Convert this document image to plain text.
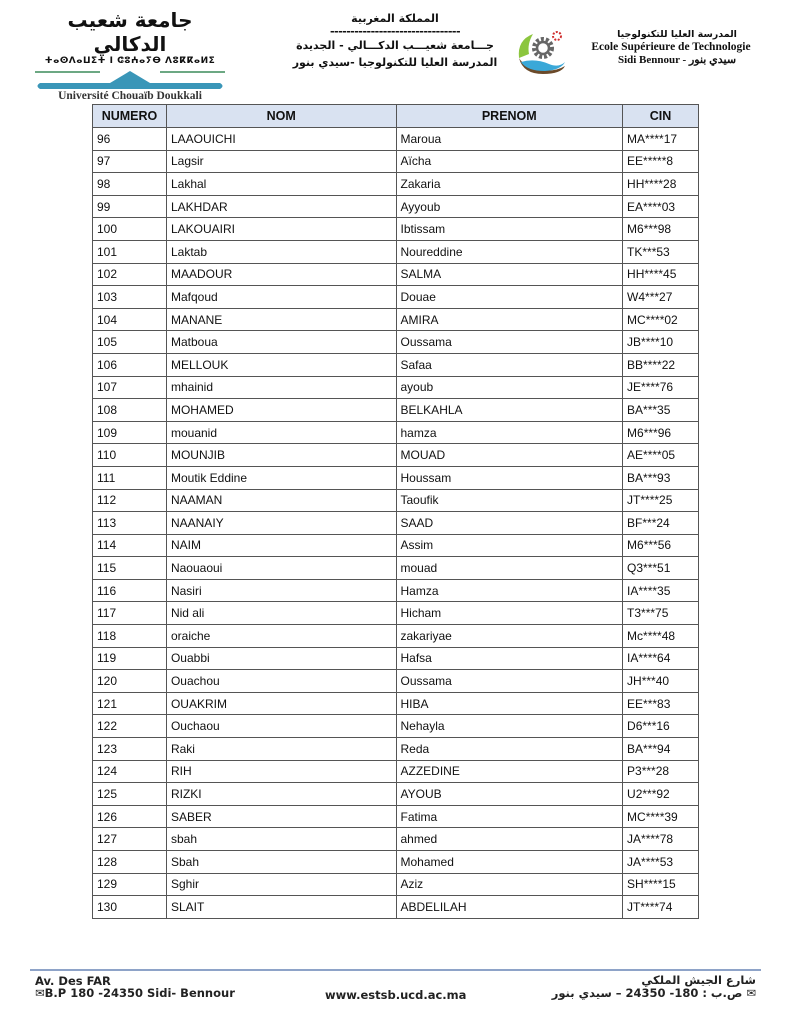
جامعة شعيب الدكالي
ⵜⴰⵙⴷⴰⵡⵉⵜ ⵏ ⵛⵓⵄⴰⵢⴱ ⴷⵓⴽⴽⴰⵍⵉ
Université Chouaïb Doukkali
المملكة المغربية
--------------------------------
جـــامعة شعيـــب الدكـــالي - الجديدة
المدرسة العليا للتكنولوجيا -سيدي بنور
المدرسة العليا للتكنولوجيا
Ecole Supérieure de Technologie
Sidi Bennour - سيدي بنور
NUMERO	NOM	PRENOM	CIN
96	LAAOUICHI	Maroua	MA****17
97	Lagsir	Aïcha	EE*****8
98	Lakhal	Zakaria	HH****28
99	LAKHDAR	Ayyoub	EA****03
100	LAKOUAIRI	Ibtissam	M6***98
101	Laktab	Noureddine	TK***53
102	MAADOUR	SALMA	HH****45
103	Mafqoud	Douae	W4***27
104	MANANE	AMIRA	MC****02
105	Matboua	Oussama	JB****10
106	MELLOUK	Safaa	BB****22
107	mhainid	ayoub	JE****76
108	MOHAMED	BELKAHLA	BA***35
109	mouanid	hamza	M6***96
110	MOUNJIB	MOUAD	AE****05
111	Moutik Eddine	Houssam	BA***93
112	NAAMAN	Taoufik	JT****25
113	NAANAIY	SAAD	BF***24
114	NAIM	Assim	M6***56
115	Naouaoui	mouad	Q3***51
116	Nasiri	Hamza	IA****35
117	Nid ali	Hicham	T3***75
118	oraiche	zakariyae	Mc****48
119	Ouabbi	Hafsa	IA****64
120	Ouachou	Oussama	JH***40
121	OUAKRIM	HIBA	EE***83
122	Ouchaou	Nehayla	D6***16
123	Raki	Reda	BA***94
124	RIH	AZZEDINE	P3***28
125	RIZKI	AYOUB	U2***92
126	SABER	Fatima	MC****39
127	sbah	ahmed	JA****78
128	Sbah	Mohamed	JA****53
129	Sghir	Aziz	SH****15
130	SLAIT	ABDELILAH	JT****74
Av. Des FAR
✉B.P 180 -24350 Sidi- Bennour	www.estsb.ucd.ac.ma
شارع الجيش الملكي
✉ ص.ب : 180- 24350 – سيدي بنور
